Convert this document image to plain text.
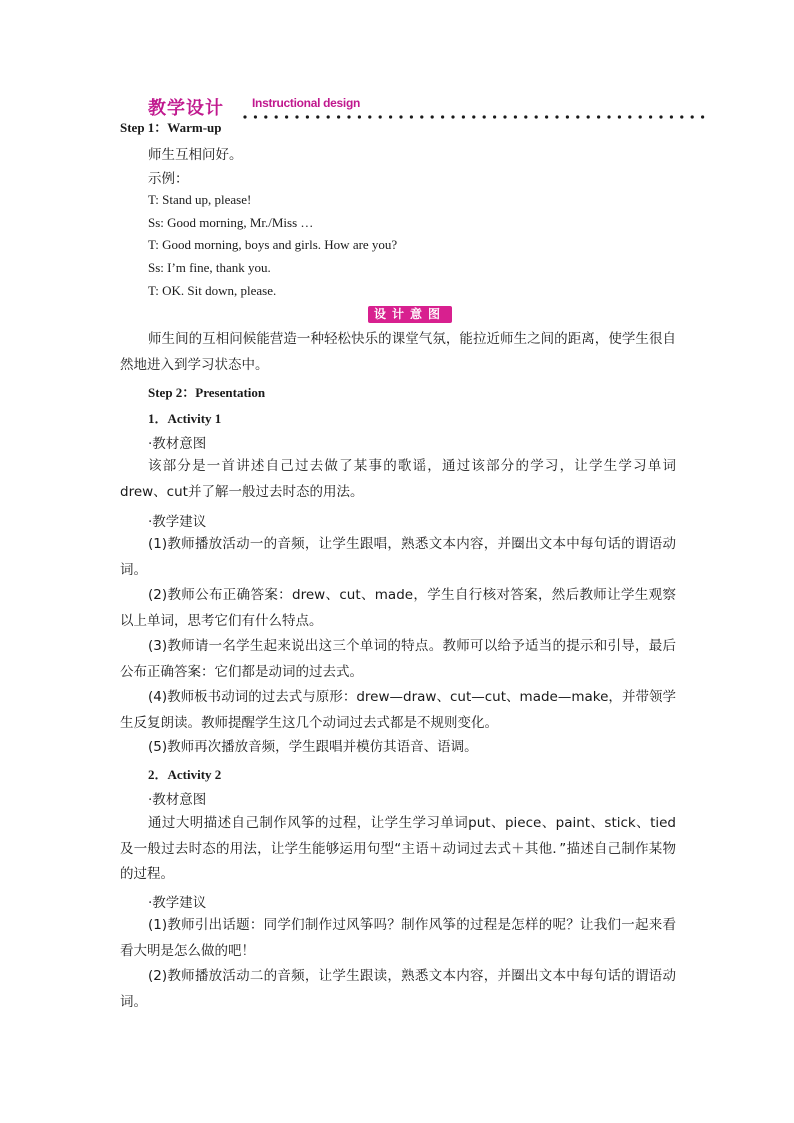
教学设计 Instructional design
Step 1：Warm-up
师生互相问好。
示例：
T: Stand up, please!
Ss: Good morning, Mr./Miss …
T: Good morning, boys and girls. How are you?
Ss: I’m fine, thank you.
T: OK. Sit down, please.
设计意图
师生间的互相问候能营造一种轻松快乐的课堂气氛，能拉近师生之间的距离，使学生很自然地进入到学习状态中。
Step 2：Presentation
1．Activity 1
·教材意图
该部分是一首讲述自己过去做了某事的歌谣，通过该部分的学习，让学生学习单词drew、cut并了解一般过去时态的用法。
·教学建议
(1)教师播放活动一的音频，让学生跟唱，熟悉文本内容，并圈出文本中每句话的谓语动词。
(2)教师公布正确答案：drew、cut、made，学生自行核对答案，然后教师让学生观察以上单词，思考它们有什么特点。
(3)教师请一名学生起来说出这三个单词的特点。教师可以给予适当的提示和引导，最后公布正确答案：它们都是动词的过去式。
(4)教师板书动词的过去式与原形：drew—draw、cut—cut、made—make，并带领学生反复朗读。教师提醒学生这几个动词过去式都是不规则变化。
(5)教师再次播放音频，学生跟唱并模仿其语音、语调。
2．Activity 2
·教材意图
通过大明描述自己制作风筝的过程，让学生学习单词put、piece、paint、stick、tied及一般过去时态的用法，让学生能够运用句型“主语＋动词过去式＋其他．”描述自己制作某物的过程。
·教学建议
(1)教师引出话题：同学们制作过风筝吗？制作风筝的过程是怎样的呢？让我们一起来看看大明是怎么做的吧！
(2)教师播放活动二的音频，让学生跟读，熟悉文本内容，并圈出文本中每句话的谓语动词。
